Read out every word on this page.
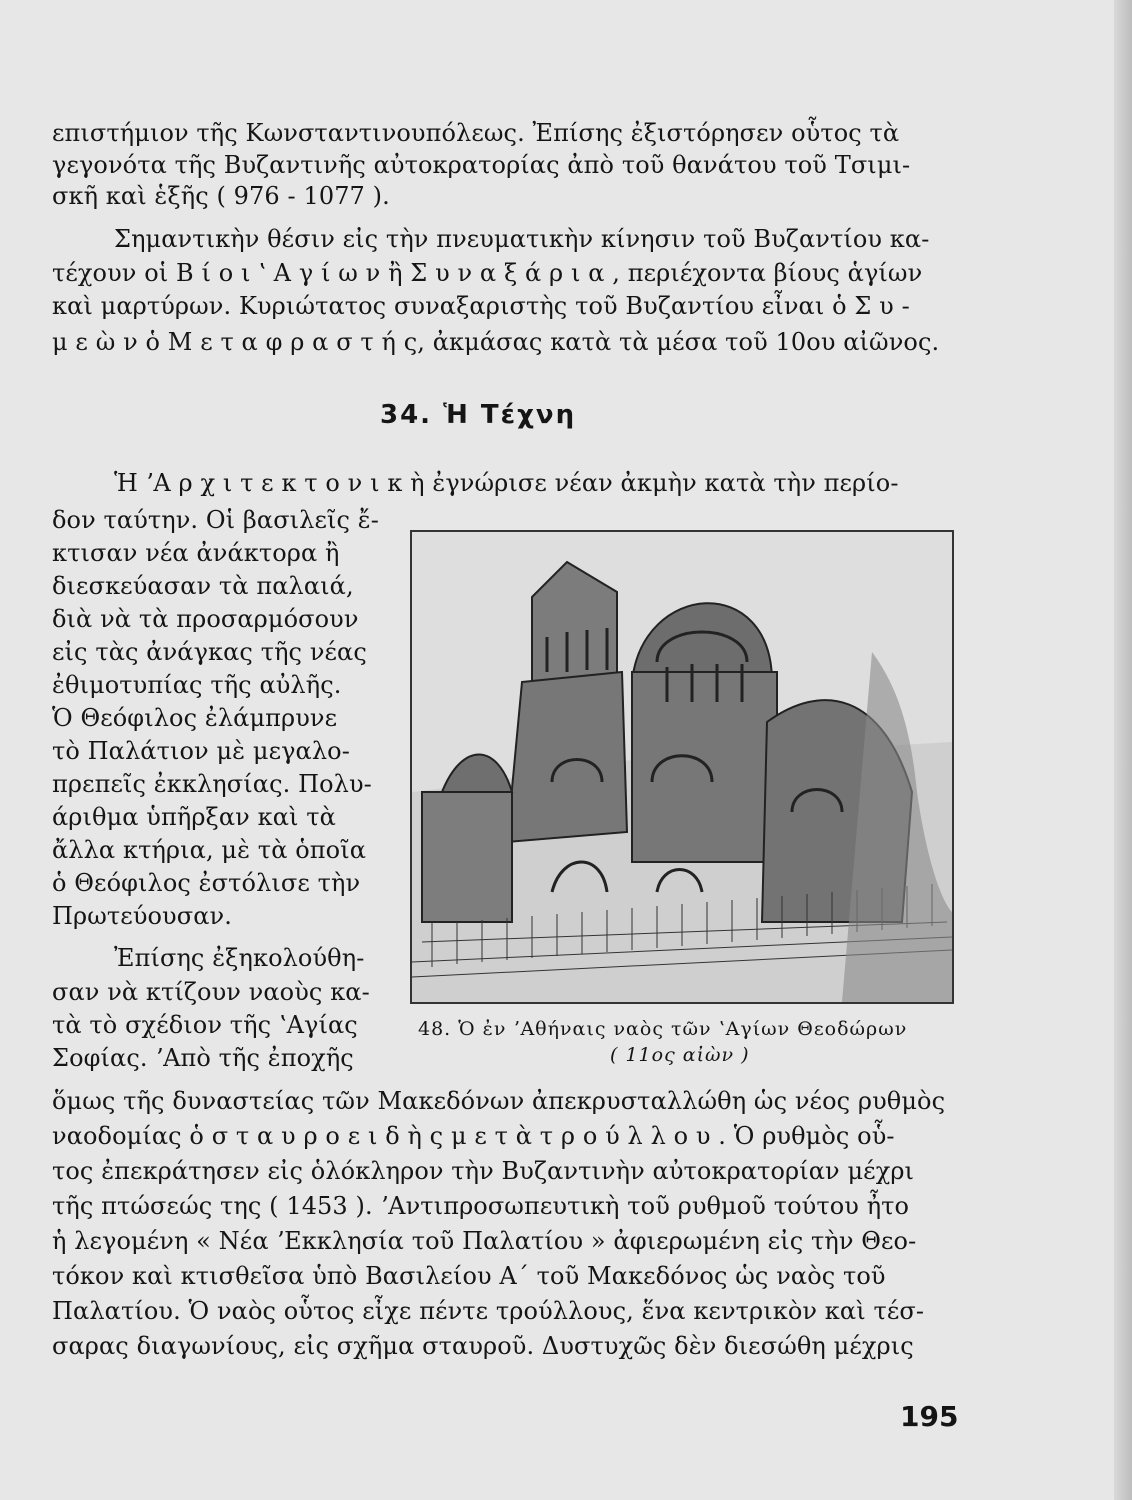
επιστήμιον τῆς Κωνσταντινουπόλεως. Ἐπίσης ἐξιστόρησεν οὗτος τὰ
γεγονότα τῆς Βυζαντινῆς αὐτοκρατορίας ἀπὸ τοῦ θανάτου τοῦ Τσιμι-
σκῆ καὶ ἑξῆς ( 976 - 1077 ).
Σημαντικὴν θέσιν εἰς τὴν πνευματικὴν κίνησιν τοῦ Βυζαντίου κα-
τέχουν οἱ Β ί ο ι ʽ Α γ ί ω ν ἢ Σ υ ν α ξ ά ρ ι α , περιέχοντα βίους ἁγίων
καὶ μαρτύρων. Κυριώτατος συναξαριστὴς τοῦ Βυζαντίου εἶναι ὁ Σ υ -
μ ε ὼ ν ὁ Μ ε τ α φ ρ α σ τ ή ς, ἀκμάσας κατὰ τὰ μέσα τοῦ 10ου αἰῶνος.
34. Ἡ Τέχνη
Ἡ ʼΑ ρ χ ι τ ε κ τ ο ν ι κ ὴ ἐγνώρισε νέαν ἀκμὴν κατὰ τὴν περίο-
δον ταύτην. Οἱ βασιλεῖς ἔ-
κτισαν νέα ἀνάκτορα ἢ
διεσκεύασαν τὰ παλαιά,
διὰ νὰ τὰ προσαρμόσουν
εἰς τὰς ἀνάγκας τῆς νέας
ἐθιμοτυπίας τῆς αὐλῆς.
Ὁ Θεόφιλος ἐλάμπρυνε
τὸ Παλάτιον μὲ μεγαλο-
πρεπεῖς ἐκκλησίας. Πολυ-
άριθμα ὑπῆρξαν καὶ τὰ
ἄλλα κτήρια, μὲ τὰ ὁποῖα
ὁ Θεόφιλος ἐστόλισε τὴν
Πρωτεύουσαν.
Ἐπίσης ἐξηκολούθη-
σαν νὰ κτίζουν ναοὺς κα-
τὰ τὸ σχέδιον τῆς ʽΑγίας
Σοφίας. ʼΑπὸ τῆς ἐποχῆς
48. Ὁ ἐν ʼΑθήναις ναὸς τῶν ʽΑγίων Θεοδώρων
( 11ος αἰὼν )
ὅμως τῆς δυναστείας τῶν Μακεδόνων ἀπεκρυσταλλώθη ὡς νέος ρυθμὸς
ναοδομίας ὁ σ τ α υ ρ ο ε ι δ ὴ ς μ ε τ ὰ τ ρ ο ύ λ λ ο υ . Ὁ ρυθμὸς οὗ-
τος ἐπεκράτησεν εἰς ὁλόκληρον τὴν Βυζαντινὴν αὐτοκρατορίαν μέχρι
τῆς πτώσεώς της ( 1453 ). ʼΑντιπροσωπευτικὴ τοῦ ρυθμοῦ τούτου ἦτο
ἡ λεγομένη « Νέα ʼΕκκλησία τοῦ Παλατίου » ἀφιερωμένη εἰς τὴν Θεο-
τόκον καὶ κτισθεῖσα ὑπὸ Βασιλείου Α΄ τοῦ Μακεδόνος ὡς ναὸς τοῦ
Παλατίου. Ὁ ναὸς οὗτος εἶχε πέντε τρούλλους, ἕνα κεντρικὸν καὶ τέσ-
σαρας διαγωνίους, εἰς σχῆμα σταυροῦ. Δυστυχῶς δὲν διεσώθη μέχρις
195
